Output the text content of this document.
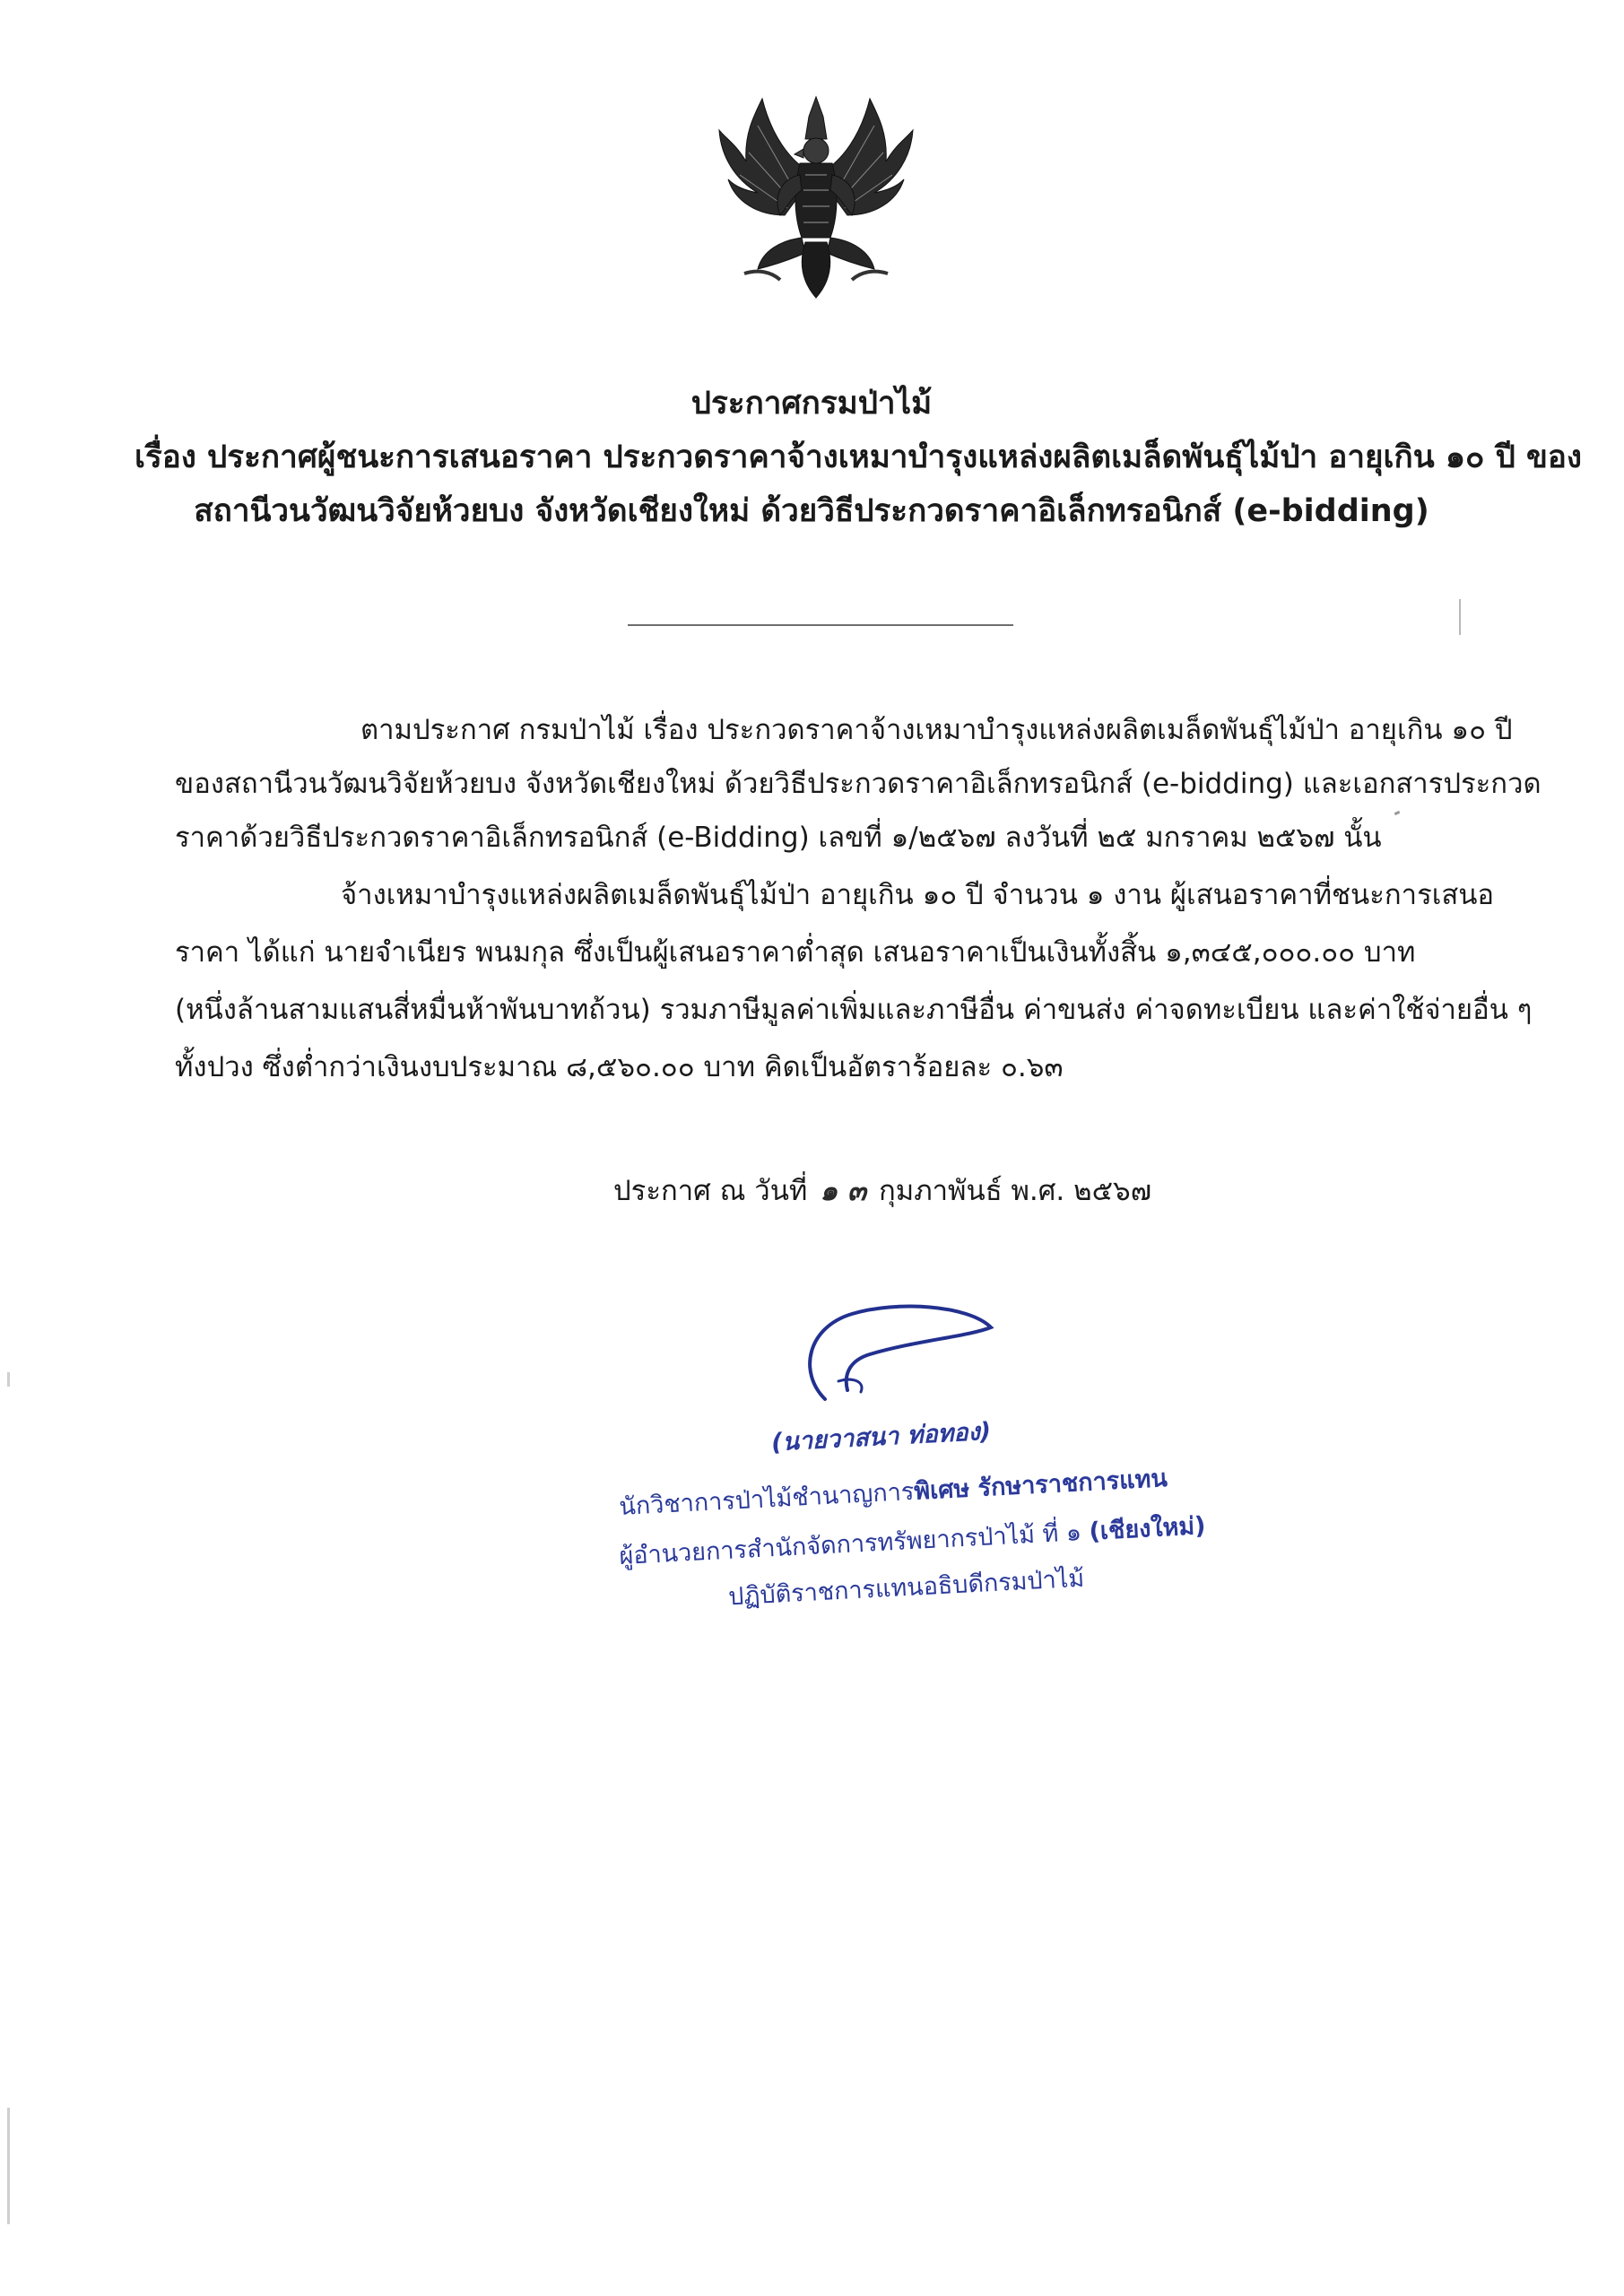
ประกาศกรมป่าไม้
เรื่อง ประกาศผู้ชนะการเสนอราคา ประกวดราคาจ้างเหมาบำรุงแหล่งผลิตเมล็ดพันธุ์ไม้ป่า อายุเกิน ๑๐ ปี ของ
สถานีวนวัฒนวิจัยห้วยบง จังหวัดเชียงใหม่ ด้วยวิธีประกวดราคาอิเล็กทรอนิกส์ (e-bidding)
ตามประกาศ กรมป่าไม้ เรื่อง ประกวดราคาจ้างเหมาบำรุงแหล่งผลิตเมล็ดพันธุ์ไม้ป่า อายุเกิน ๑๐ ปี
ของสถานีวนวัฒนวิจัยห้วยบง จังหวัดเชียงใหม่ ด้วยวิธีประกวดราคาอิเล็กทรอนิกส์ (e-bidding) และเอกสารประกวด
ราคาด้วยวิธีประกวดราคาอิเล็กทรอนิกส์ (e-Bidding) เลขที่ ๑/๒๕๖๗ ลงวันที่ ๒๕ มกราคม ๒๕๖๗ นั้น
จ้างเหมาบำรุงแหล่งผลิตเมล็ดพันธุ์ไม้ป่า อายุเกิน ๑๐ ปี จำนวน ๑ งาน ผู้เสนอราคาที่ชนะการเสนอ
ราคา ได้แก่ นายจำเนียร พนมกุล ซึ่งเป็นผู้เสนอราคาต่ำสุด เสนอราคาเป็นเงินทั้งสิ้น ๑,๓๔๕,๐๐๐.๐๐ บาท
(หนึ่งล้านสามแสนสี่หมื่นห้าพันบาทถ้วน) รวมภาษีมูลค่าเพิ่มและภาษีอื่น ค่าขนส่ง ค่าจดทะเบียน และค่าใช้จ่ายอื่น ๆ
ทั้งปวง ซึ่งต่ำกว่าเงินงบประมาณ ๘,๕๖๐.๐๐ บาท คิดเป็นอัตราร้อยละ ๐.๖๓
ประกาศ ณ วันที่ ๑ ๓ กุมภาพันธ์ พ.ศ. ๒๕๖๗
(นายวาสนา ท่อทอง)
นักวิชาการป่าไม้ชำนาญการพิเศษ รักษาราชการแทน
ผู้อำนวยการสำนักจัดการทรัพยากรป่าไม้ ที่ ๑ (เชียงใหม่)
ปฏิบัติราชการแทนอธิบดีกรมป่าไม้
